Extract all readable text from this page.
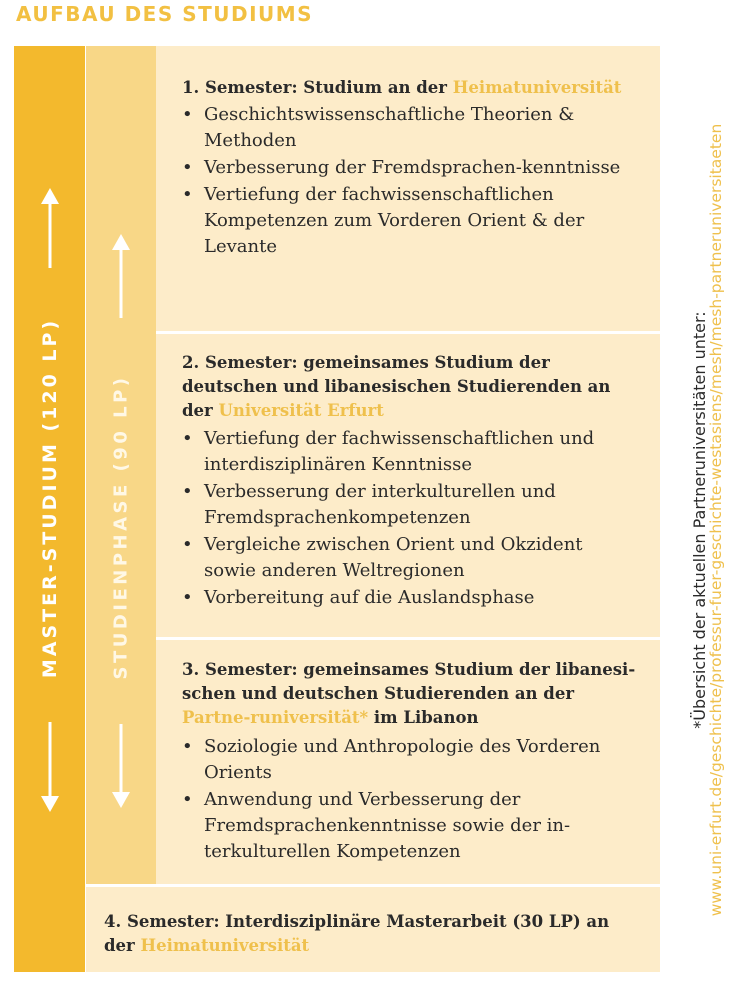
AUFBAU DES STUDIUMS
MASTER-STUDIUM (120 LP)	STUDIENPHASE (90 LP)
1. Semester: Studium an der Heimatuniversität
• Geschichtswissenschaftliche Theorien & Methoden
• Verbesserung der Fremdsprachen-kenntnisse
• Vertiefung der fachwissenschaftlichen Kompetenzen zum Vorderen Orient & der Levante
2. Semester: gemeinsames Studium der deutschen und libanesischen Studierenden an der Universität Erfurt
• Vertiefung der fachwissenschaftlichen und interdisziplinären Kenntnisse
• Verbesserung der interkulturellen und Fremdsprachenkompetenzen
• Vergleiche zwischen Orient und Okzident sowie anderen Weltregionen
• Vorbereitung auf die Auslandsphase
3. Semester: gemeinsames Studium der libanesi-schen und deutschen Studierenden an der Partne-runiversität* im Libanon
• Soziologie und Anthropologie des Vorderen Orients
• Anwendung und Verbesserung der Fremdsprachenkenntnisse sowie der in-terkulturellen Kompetenzen
4. Semester: Interdisziplinäre Masterarbeit (30 LP) an der Heimatuniversität
*Übersicht der aktuellen Partneruniversitäten unter:
www.uni-erfurt.de/geschichte/professur-fuer-geschichte-westasiens/mesh/mesh-partneruniversitaeten
